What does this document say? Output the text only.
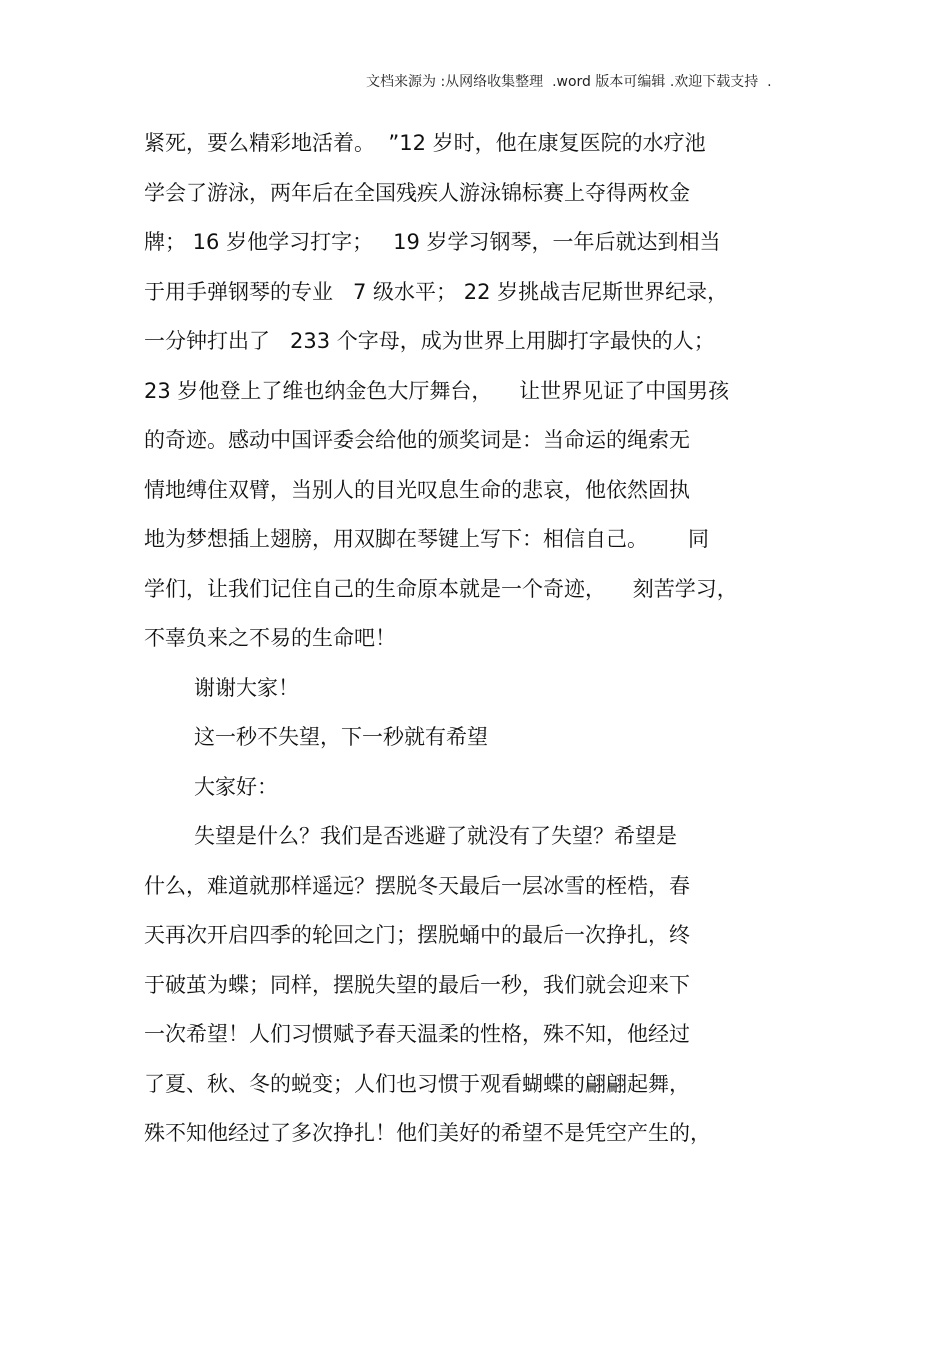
文档来源为 :从网络收集整理  .word 版本可编辑 .欢迎下载支持  .
紧死，要么精彩地活着。  ”12 岁时，他在康复医院的水疗池
学会了游泳，两年后在全国残疾人游泳锦标赛上夺得两枚金
牌； 16 岁他学习打字；   19 岁学习钢琴，一年后就达到相当
于用手弹钢琴的专业   7 级水平； 22 岁挑战吉尼斯世界纪录，
一分钟打出了   233 个字母，成为世界上用脚打字最快的人；
23 岁他登上了维也纳金色大厅舞台，    让世界见证了中国男孩
的奇迹。感动中国评委会给他的颁奖词是：当命运的绳索无
情地缚住双臂，当别人的目光叹息生命的悲哀，他依然固执
地为梦想插上翅膀，用双脚在琴键上写下：相信自己。      同
学们，让我们记住自己的生命原本就是一个奇迹，    刻苦学习，
不辜负来之不易的生命吧！
谢谢大家！
这一秒不失望，下一秒就有希望
大家好：
失望是什么？我们是否逃避了就没有了失望？希望是
什么，难道就那样遥远？摆脱冬天最后一层冰雪的桎梏，春
天再次开启四季的轮回之门；摆脱蛹中的最后一次挣扎，终
于破茧为蝶；同样，摆脱失望的最后一秒，我们就会迎来下
一次希望！人们习惯赋予春天温柔的性格，殊不知，他经过
了夏、秋、冬的蜕变；人们也习惯于观看蝴蝶的翩翩起舞，
殊不知他经过了多次挣扎！他们美好的希望不是凭空产生的，
